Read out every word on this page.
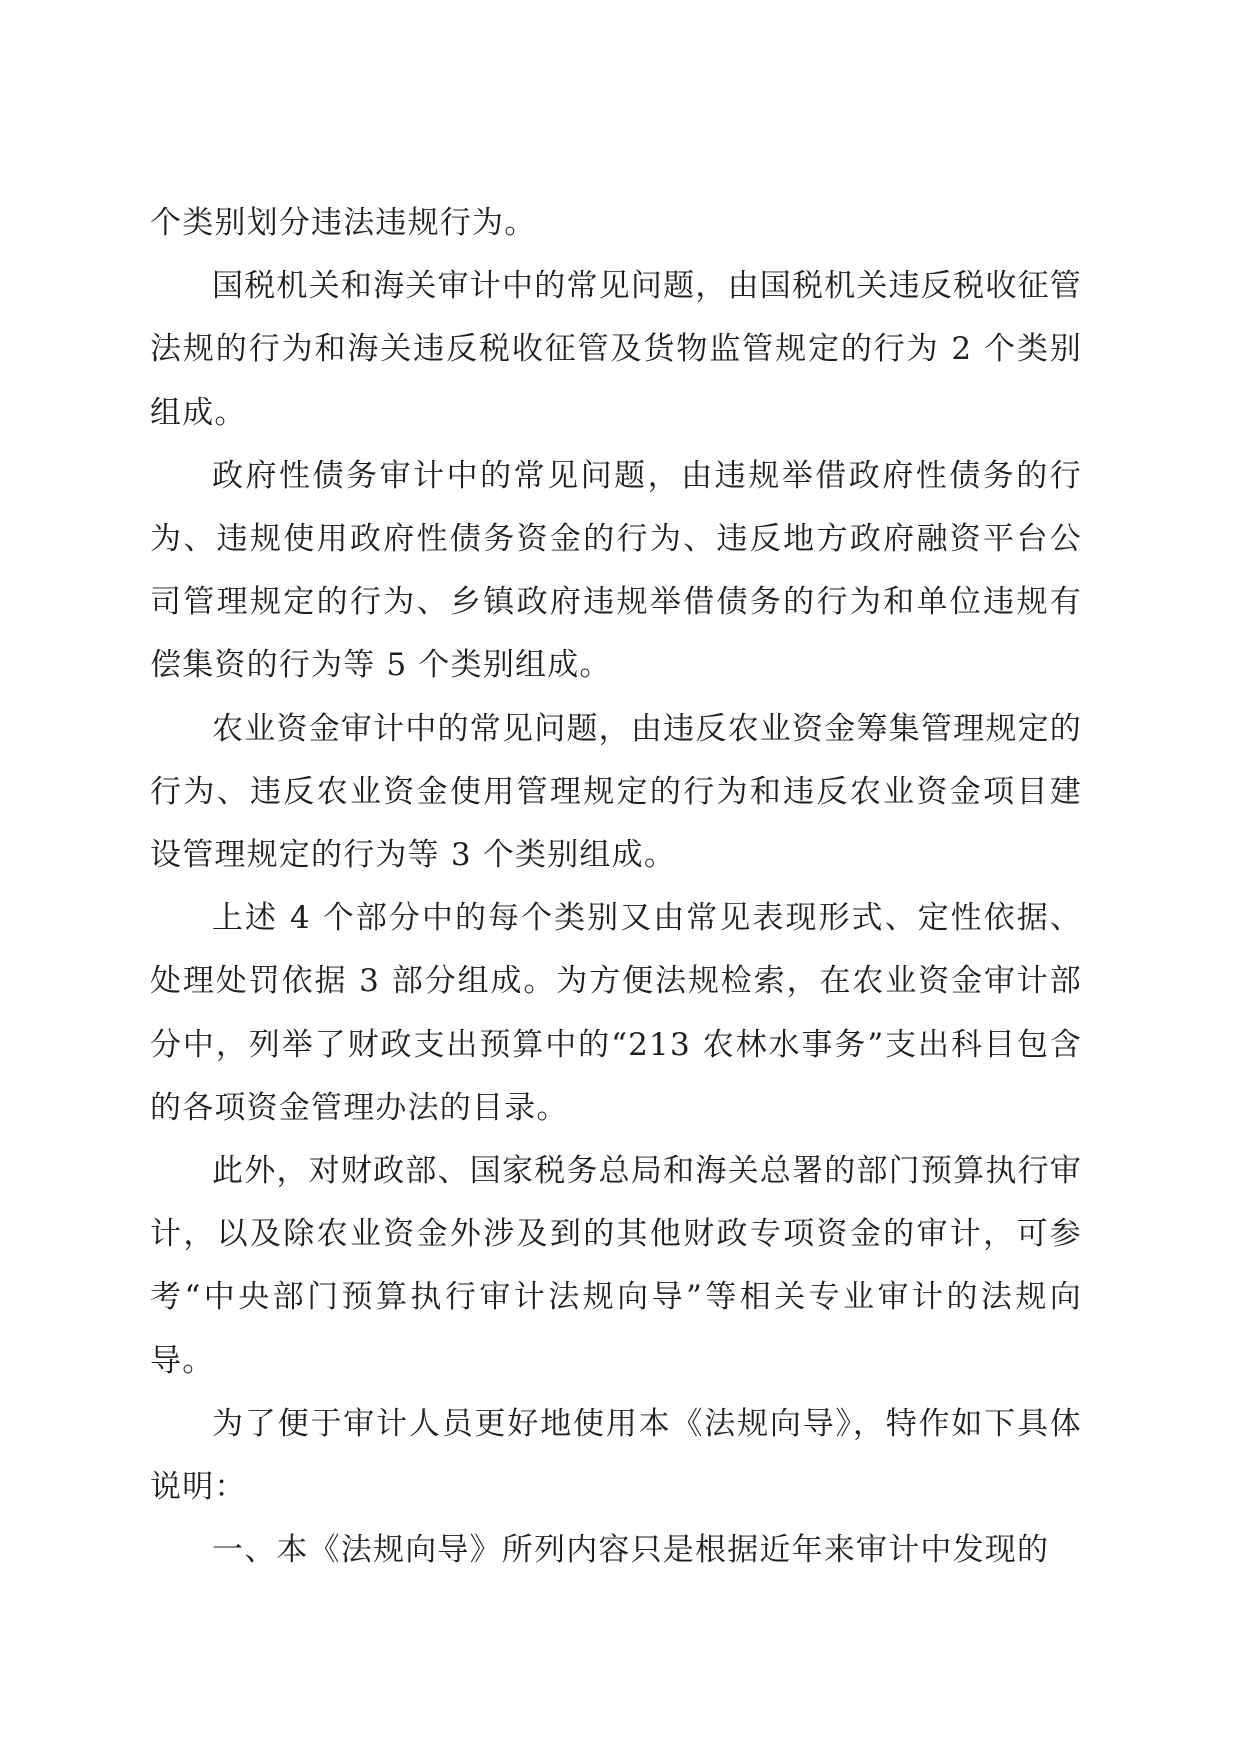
个类别划分违法违规行为。

国税机关和海关审计中的常见问题，由国税机关违反税收征管法规的行为和海关违反税收征管及货物监管规定的行为 2 个类别组成。

政府性债务审计中的常见问题，由违规举借政府性债务的行为、违规使用政府性债务资金的行为、违反地方政府融资平台公司管理规定的行为、乡镇政府违规举借债务的行为和单位违规有偿集资的行为等 5 个类别组成。

农业资金审计中的常见问题，由违反农业资金筹集管理规定的行为、违反农业资金使用管理规定的行为和违反农业资金项目建设管理规定的行为等 3 个类别组成。

上述 4 个部分中的每个类别又由常见表现形式、定性依据、处理处罚依据 3 部分组成。为方便法规检索，在农业资金审计部分中，列举了财政支出预算中的“213 农林水事务”支出科目包含的各项资金管理办法的目录。

此外，对财政部、国家税务总局和海关总署的部门预算执行审计，以及除农业资金外涉及到的其他财政专项资金的审计，可参考“中央部门预算执行审计法规向导”等相关专业审计的法规向导。

为了便于审计人员更好地使用本《法规向导》，特作如下具体说明：

一、本《法规向导》所列内容只是根据近年来审计中发现的
